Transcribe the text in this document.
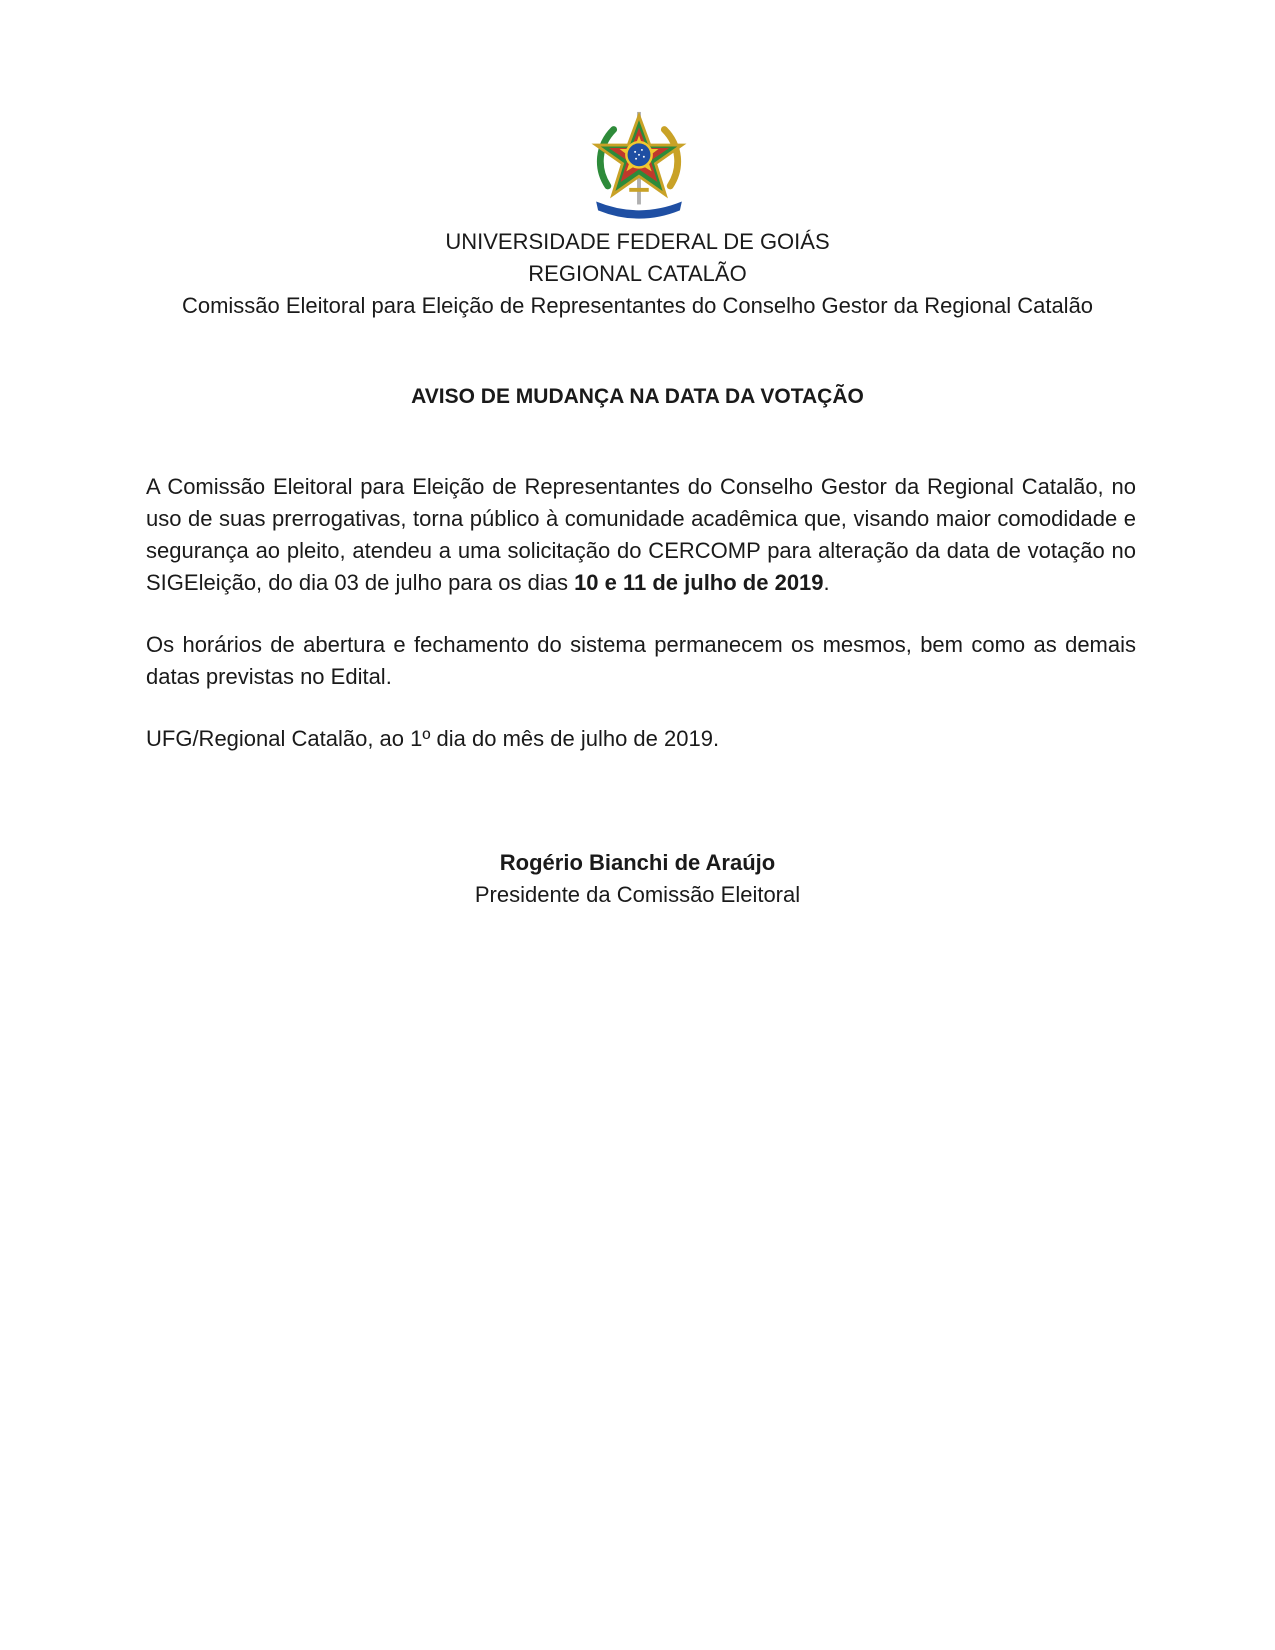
UNIVERSIDADE FEDERAL DE GOIÁS
REGIONAL CATALÃO
Comissão Eleitoral para Eleição de Representantes do Conselho Gestor da Regional Catalão
AVISO DE MUDANÇA NA DATA DA VOTAÇÃO

A Comissão Eleitoral para Eleição de Representantes do Conselho Gestor da Regional Catalão, no uso de suas prerrogativas, torna público à comunidade acadêmica que, visando maior comodidade e segurança ao pleito, atendeu a uma solicitação do CERCOMP para alteração da data de votação no SIGEleição, do dia 03 de julho para os dias 10 e 11 de julho de 2019.

Os horários de abertura e fechamento do sistema permanecem os mesmos, bem como as demais datas previstas no Edital.

UFG/Regional Catalão, ao 1º dia do mês de julho de 2019.

Rogério Bianchi de Araújo
Presidente da Comissão Eleitoral
